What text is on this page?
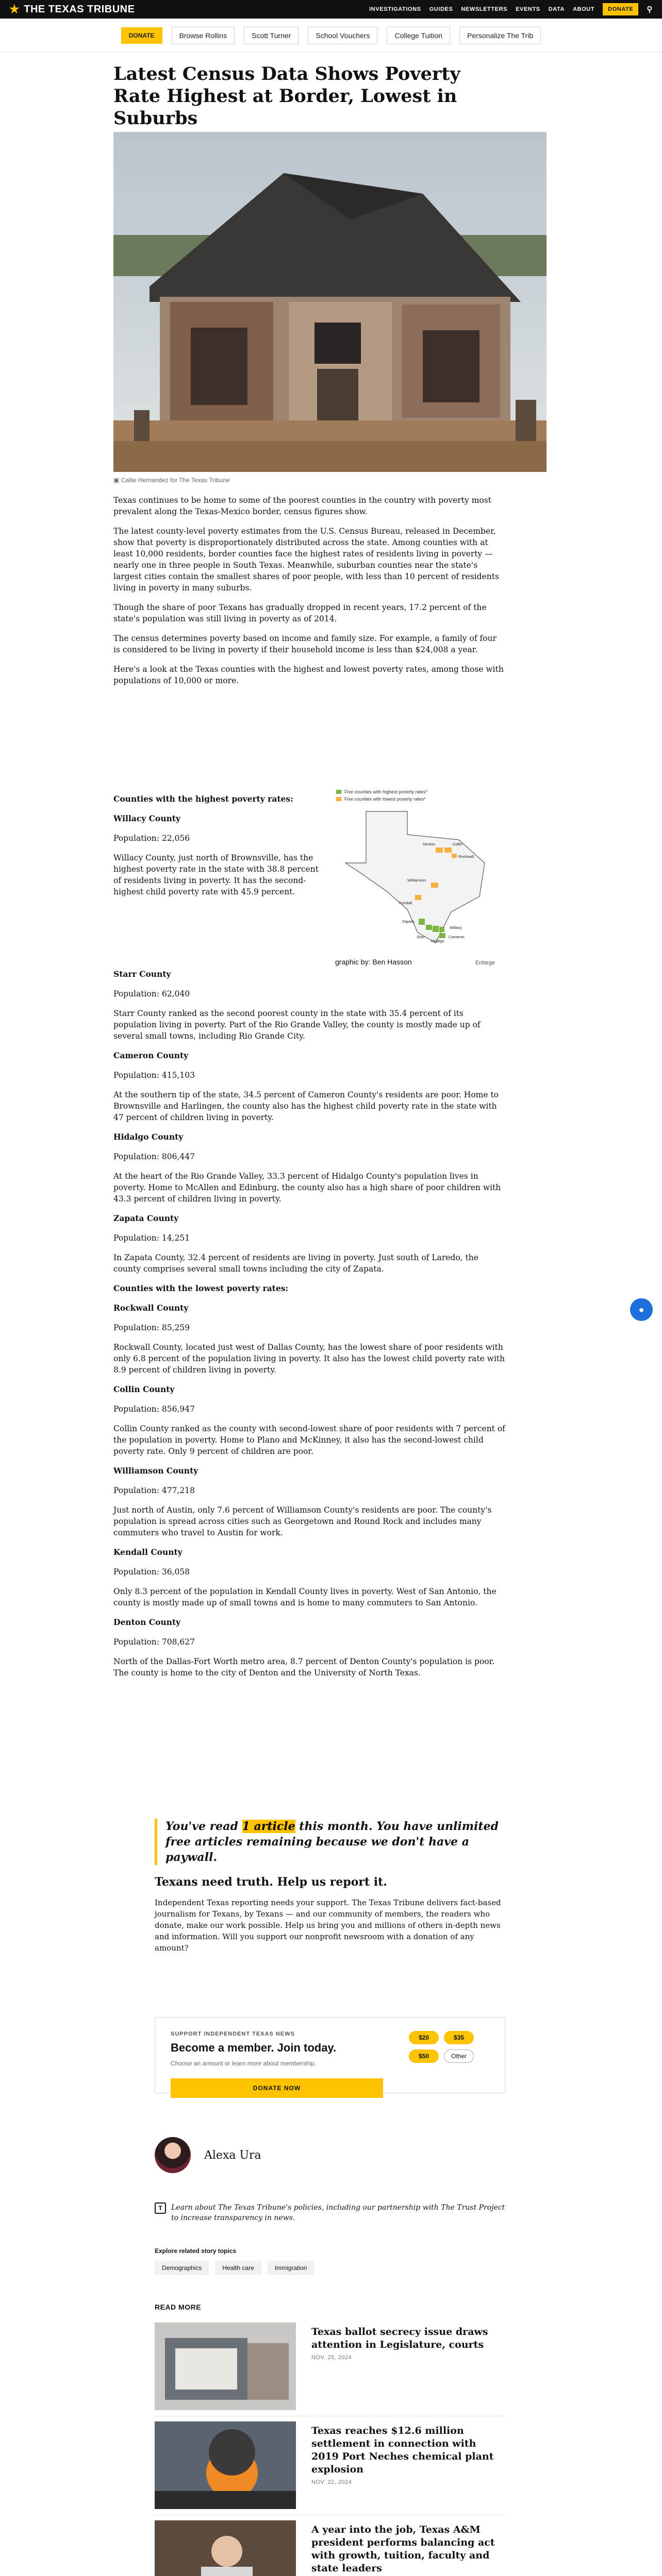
★ THE TEXAS TRIBUNE	INVESTIGATIONS GUIDES NEWSLETTERS EVENTS DATA ABOUT	DONATE	⚲
DONATE	Browse Rollins	Scott Turner	School Vouchers	College Tuition	Personalize The Trib
Latest Census Data Shows Poverty Rate Highest at Border, Lowest in Suburbs

▣ Callie Hernandez for The Texas Tribune

Texas continues to be home to some of the poorest counties in the country with poverty most prevalent along the Texas-Mexico border, census figures show.

The latest county-level poverty estimates from the U.S. Census Bureau, released in December, show that poverty is disproportionately distributed across the state. Among counties with at least 10,000 residents, border counties face the highest rates of residents living in poverty — nearly one in three people in South Texas. Meanwhile, suburban counties near the state's largest cities contain the smallest shares of poor people, with less than 10 percent of residents living in poverty in many suburbs.

Though the share of poor Texans has gradually dropped in recent years, 17.2 percent of the state's population was still living in poverty as of 2014.

The census determines poverty based on income and family size. For example, a family of four is considered to be living in poverty if their household income is less than $24,008 a year.

Here's a look at the Texas counties with the highest and lowest poverty rates, among those with populations of 10,000 or more.

Counties with the highest poverty rates:

Willacy County

Population: 22,056

Willacy County, just north of Brownsville, has the highest poverty rate in the state with 38.8 percent of residents living in poverty. It has the second-highest child poverty rate with 45.9 percent.

Five counties with highest poverty rates*
Five counties with lowest poverty rates*
Denton	Collin
Rockwall
Williamson
Kendall
Zapata
Starr
Hidalgo
Willacy
Cameron
graphic by: Ben Hasson	Enlarge

Starr County

Population: 62,040

Starr County ranked as the second poorest county in the state with 35.4 percent of its population living in poverty. Part of the Rio Grande Valley, the county is mostly made up of several small towns, including Rio Grande City.

Cameron County

Population: 415,103

At the southern tip of the state, 34.5 percent of Cameron County's residents are poor. Home to Brownsville and Harlingen, the county also has the highest child poverty rate in the state with 47 percent of children living in poverty.

Hidalgo County

Population: 806,447

At the heart of the Rio Grande Valley, 33.3 percent of Hidalgo County's population lives in poverty. Home to McAllen and Edinburg, the county also has a high share of poor children with 43.3 percent of children living in poverty.

Zapata County

Population: 14,251

In Zapata County, 32.4 percent of residents are living in poverty. Just south of Laredo, the county comprises several small towns including the city of Zapata.

Counties with the lowest poverty rates:

Rockwall County

Population: 85,259

Rockwall County, located just west of Dallas County, has the lowest share of poor residents with only 6.8 percent of the population living in poverty. It also has the lowest child poverty rate with 8.9 percent of children living in poverty.

Collin County

Population: 856,947

Collin County ranked as the county with second-lowest share of poor residents with 7 percent of the population in poverty. Home to Plano and McKinney, it also has the second-lowest child poverty rate. Only 9 percent of children are poor.

Williamson County

Population: 477,218

Just north of Austin, only 7.6 percent of Williamson County's residents are poor. The county's population is spread across cities such as Georgetown and Round Rock and includes many commuters who travel to Austin for work.

Kendall County

Population: 36,058

Only 8.3 percent of the population in Kendall County lives in poverty. West of San Antonio, the county is mostly made up of small towns and is home to many commuters to San Antonio.

Denton County

Population: 708,627

North of the Dallas-Fort Worth metro area, 8.7 percent of Denton County's population is poor. The county is home to the city of Denton and the University of North Texas.

You've read 1 article this month. You have unlimited free articles remaining because we don't have a paywall.
Texans need truth. Help us report it.

Independent Texas reporting needs your support. The Texas Tribune delivers fact-based journalism for Texans, by Texans — and our community of members, the readers who donate, make our work possible. Help us bring you and millions of others in-depth news and information. Will you support our nonprofit newsroom with a donation of any amount?

SUPPORT INDEPENDENT TEXAS NEWS
Become a member. Join today.
Choose an amount or learn more about membership.
$20	$35
$50	Other
DONATE NOW
Alexa Ura
T	Learn about The Texas Tribune's policies, including our partnership with The Trust Project to increase transparency in news.
Explore related story topics
Demographics	Health care	Immigration
READ MORE
Texas ballot secrecy issue draws attention in Legislature, courts
NOV. 25, 2024
Texas reaches $12.6 million settlement in connection with 2019 Port Neches chemical plant explosion
NOV. 22, 2024
A year into the job, Texas A&M president performs balancing act with growth, tuition, faculty and state leaders
●
